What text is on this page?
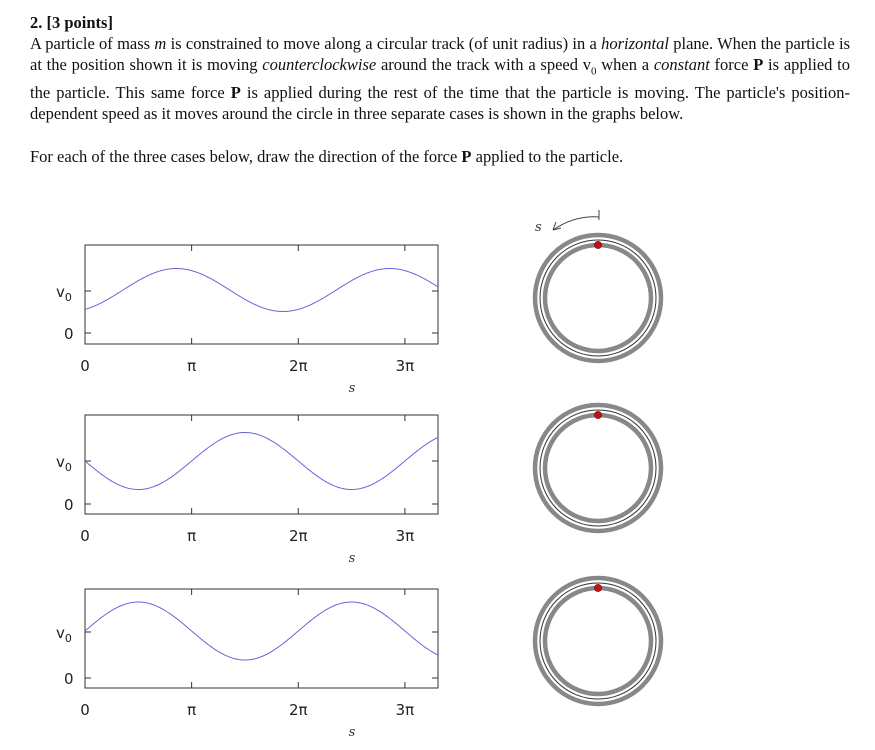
2. [3 points]

A particle of mass m is constrained to move along a circular track (of unit radius) in a horizontal plane. When the particle is at the position shown it is moving counterclockwise around the track with a speed $v_0$ when a constant force P is applied to the particle. This same force P is applied during the rest of the time that the particle is moving. The particle's position-dependent speed as it moves around the circle in three separate cases is shown in the graphs below.

For each of the three cases below, draw the direction of the force P applied to the particle.

0	π	2π	3π
$v_0$
0
s
0	π	2π	3π
$v_0$
0
s
0	π	2π	3π
$v_0$
0
s
s
